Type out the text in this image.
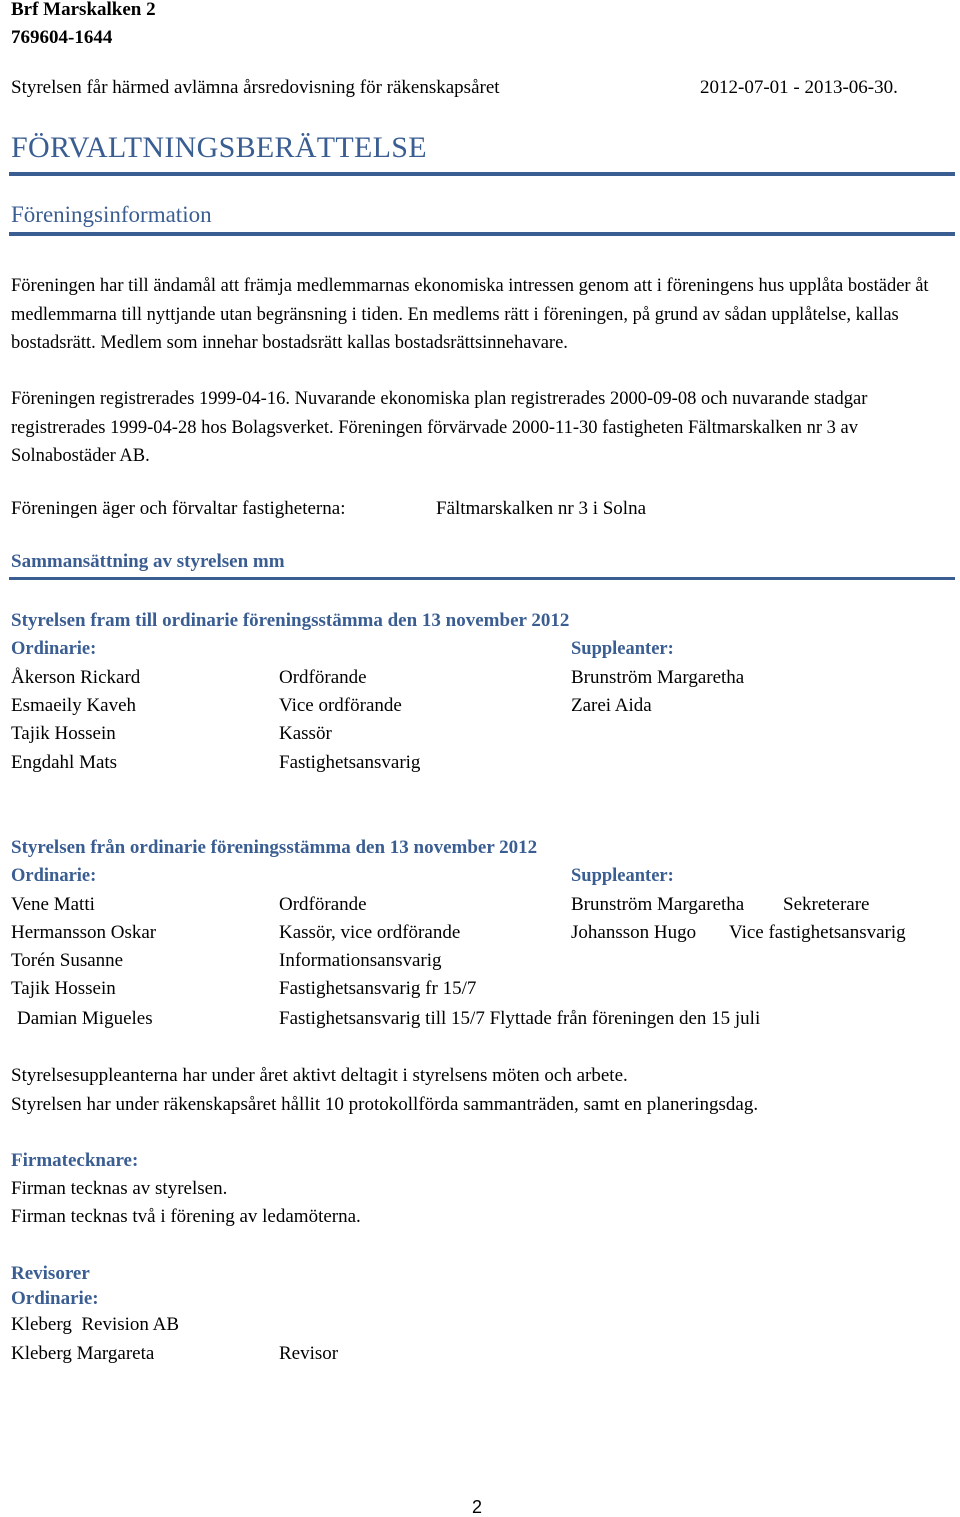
Brf Marskalken 2
769604-1644
Styrelsen får härmed avlämna årsredovisning för räkenskapsåret	2012-07-01 - 2013-06-30.
FÖRVALTNINGSBERÄTTELSE
Föreningsinformation
Föreningen har till ändamål att främja medlemmarnas ekonomiska intressen genom att i föreningens hus upplåta bostäder åt medlemmarna till nyttjande utan begränsning i tiden. En medlems rätt i föreningen, på grund av sådan upplåtelse, kallas bostadsrätt. Medlem som innehar bostadsrätt kallas bostadsrättsinnehavare.
Föreningen registrerades 1999-04-16. Nuvarande ekonomiska plan registrerades 2000-09-08 och nuvarande stadgar registrerades 1999-04-28 hos Bolagsverket. Föreningen förvärvade 2000-11-30 fastigheten Fältmarskalken nr 3 av Solnabostäder AB.
Föreningen äger och förvaltar fastigheterna:	Fältmarskalken nr 3 i Solna
Sammansättning av styrelsen mm
Styrelsen fram till ordinarie föreningsstämma den 13 november 2012
Ordinarie:	Suppleanter:
Åkerson Rickard	Ordförande	Brunström Margaretha
Esmaeily Kaveh	Vice ordförande	Zarei Aida
Tajik Hossein	Kassör
Engdahl Mats	Fastighetsansvarig
Styrelsen från ordinarie föreningsstämma den 13 november 2012
Ordinarie:	Suppleanter:
Vene Matti	Ordförande	Brunström Margaretha Sekreterare
Hermansson Oskar	Kassör, vice ordförande	Johansson Hugo Vice fastighetsansvarig
Torén Susanne	Informationsansvarig
Tajik Hossein	Fastighetsansvarig fr 15/7
Damian Migueles	Fastighetsansvarig till 15/7 Flyttade från föreningen den 15 juli
Styrelsesuppleanterna har under året aktivt deltagit i styrelsens möten och arbete.
Styrelsen har under räkenskapsåret hållit 10 protokollförda sammanträden, samt en planeringsdag.
Firmatecknare:
Firman tecknas av styrelsen.
Firman tecknas två i förening av ledamöterna.
Revisorer
Ordinarie:
Kleberg  Revision AB
Kleberg Margareta	Revisor
2
